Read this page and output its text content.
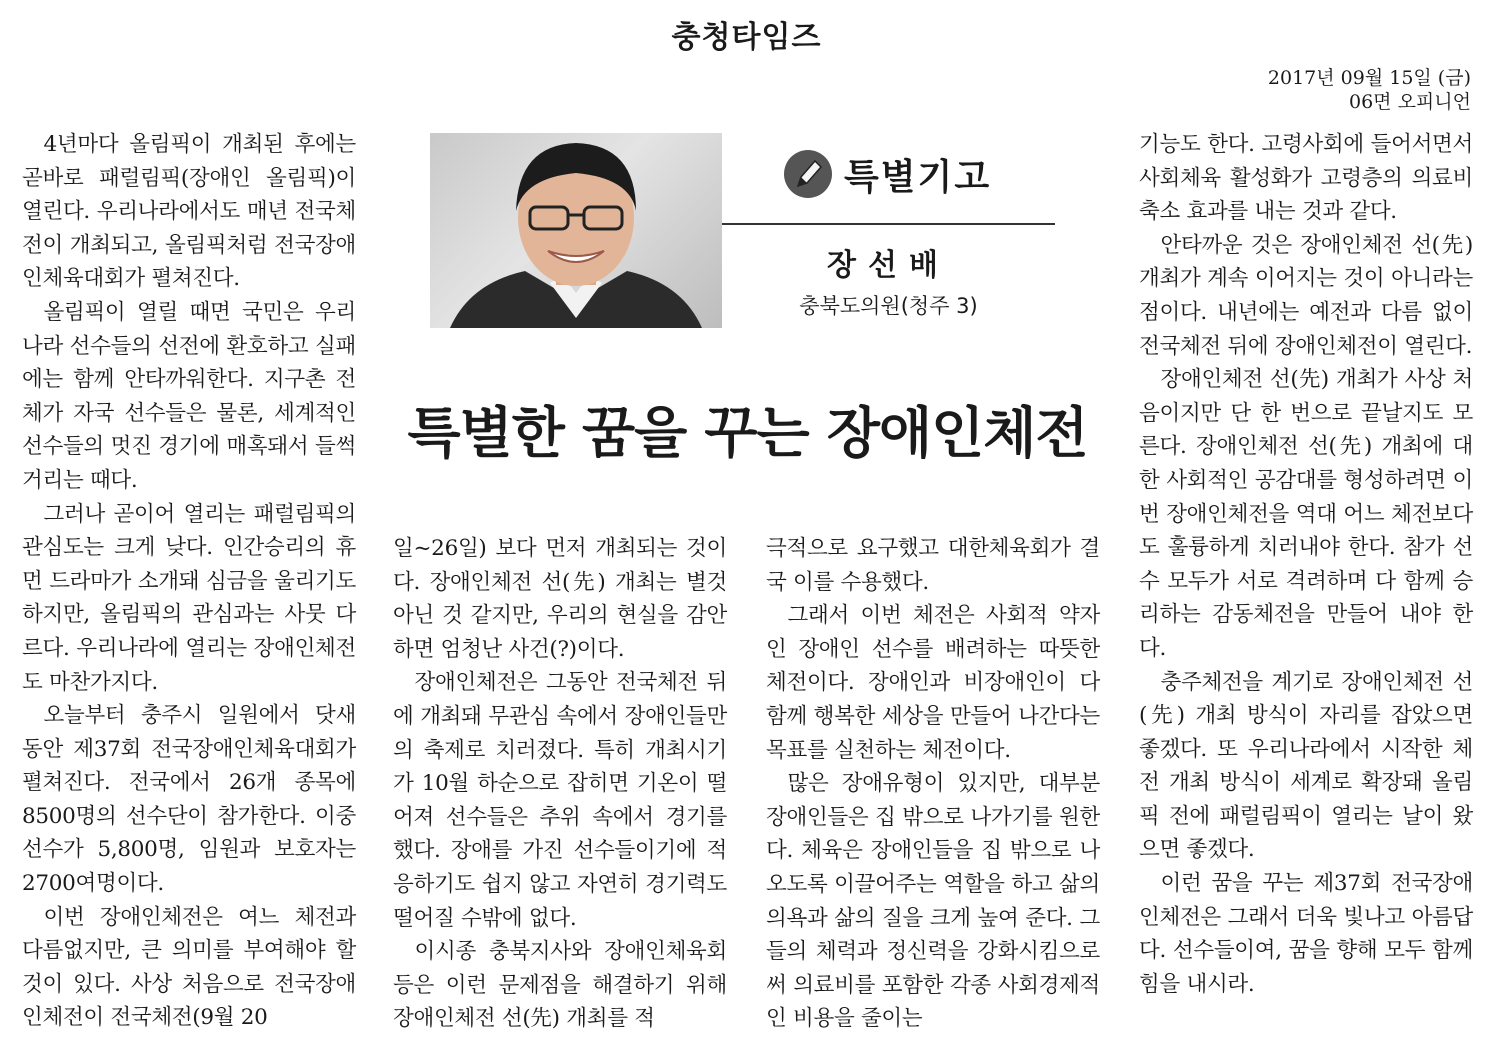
충청타임즈
2017년 09월 15일 (금)
06면 오피니언

4년마다 올림픽이 개최된 후에는 곧바로 패럴림픽(장애인 올림픽)이 열린다. 우리나라에서도 매년 전국체전이 개최되고, 올림픽처럼 전국장애인체육대회가 펼쳐진다.

올림픽이 열릴 때면 국민은 우리나라 선수들의 선전에 환호하고 실패에는 함께 안타까워한다. 지구촌 전체가 자국 선수들은 물론, 세계적인 선수들의 멋진 경기에 매혹돼서 들썩거리는 때다.

그러나 곧이어 열리는 패럴림픽의 관심도는 크게 낮다. 인간승리의 휴먼 드라마가 소개돼 심금을 울리기도 하지만, 올림픽의 관심과는 사뭇 다르다. 우리나라에 열리는 장애인체전도 마찬가지다.

오늘부터 충주시 일원에서 닷새 동안 제37회 전국장애인체육대회가 펼쳐진다. 전국에서 26개 종목에 8500명의 선수단이 참가한다. 이중 선수가 5,800명, 임원과 보호자는 2700여명이다.

이번 장애인체전은 여느 체전과 다름없지만, 큰 의미를 부여해야 할 것이 있다. 사상 처음으로 전국장애인체전이 전국체전(9월 20

특별기고
장선배
충북도의원(청주 3)
특별한 꿈을 꾸는 장애인체전

일~26일) 보다 먼저 개최되는 것이다. 장애인체전 선(先) 개최는 별것 아닌 것 같지만, 우리의 현실을 감안하면 엄청난 사건(?)이다.

장애인체전은 그동안 전국체전 뒤에 개최돼 무관심 속에서 장애인들만의 축제로 치러졌다. 특히 개최시기가 10월 하순으로 잡히면 기온이 떨어져 선수들은 추위 속에서 경기를 했다. 장애를 가진 선수들이기에 적응하기도 쉽지 않고 자연히 경기력도 떨어질 수밖에 없다.

이시종 충북지사와 장애인체육회 등은 이런 문제점을 해결하기 위해 장애인체전 선(先) 개최를 적

극적으로 요구했고 대한체육회가 결국 이를 수용했다.

그래서 이번 체전은 사회적 약자인 장애인 선수를 배려하는 따뜻한 체전이다. 장애인과 비장애인이 다 함께 행복한 세상을 만들어 나간다는 목표를 실천하는 체전이다.

많은 장애유형이 있지만, 대부분 장애인들은 집 밖으로 나가기를 원한다. 체육은 장애인들을 집 밖으로 나오도록 이끌어주는 역할을 하고 삶의 의욕과 삶의 질을 크게 높여 준다. 그들의 체력과 정신력을 강화시킴으로써 의료비를 포함한 각종 사회경제적인 비용을 줄이는

기능도 한다. 고령사회에 들어서면서 사회체육 활성화가 고령층의 의료비 축소 효과를 내는 것과 같다.

안타까운 것은 장애인체전 선(先) 개최가 계속 이어지는 것이 아니라는 점이다. 내년에는 예전과 다름 없이 전국체전 뒤에 장애인체전이 열린다.

장애인체전 선(先) 개최가 사상 처음이지만 단 한 번으로 끝날지도 모른다. 장애인체전 선(先) 개최에 대한 사회적인 공감대를 형성하려면 이번 장애인체전을 역대 어느 체전보다도 훌륭하게 치러내야 한다. 참가 선수 모두가 서로 격려하며 다 함께 승리하는 감동체전을 만들어 내야 한다.

충주체전을 계기로 장애인체전 선(先) 개최 방식이 자리를 잡았으면 좋겠다. 또 우리나라에서 시작한 체전 개최 방식이 세계로 확장돼 올림픽 전에 패럴림픽이 열리는 날이 왔으면 좋겠다.

이런 꿈을 꾸는 제37회 전국장애인체전은 그래서 더욱 빛나고 아름답다. 선수들이여, 꿈을 향해 모두 함께 힘을 내시라.
